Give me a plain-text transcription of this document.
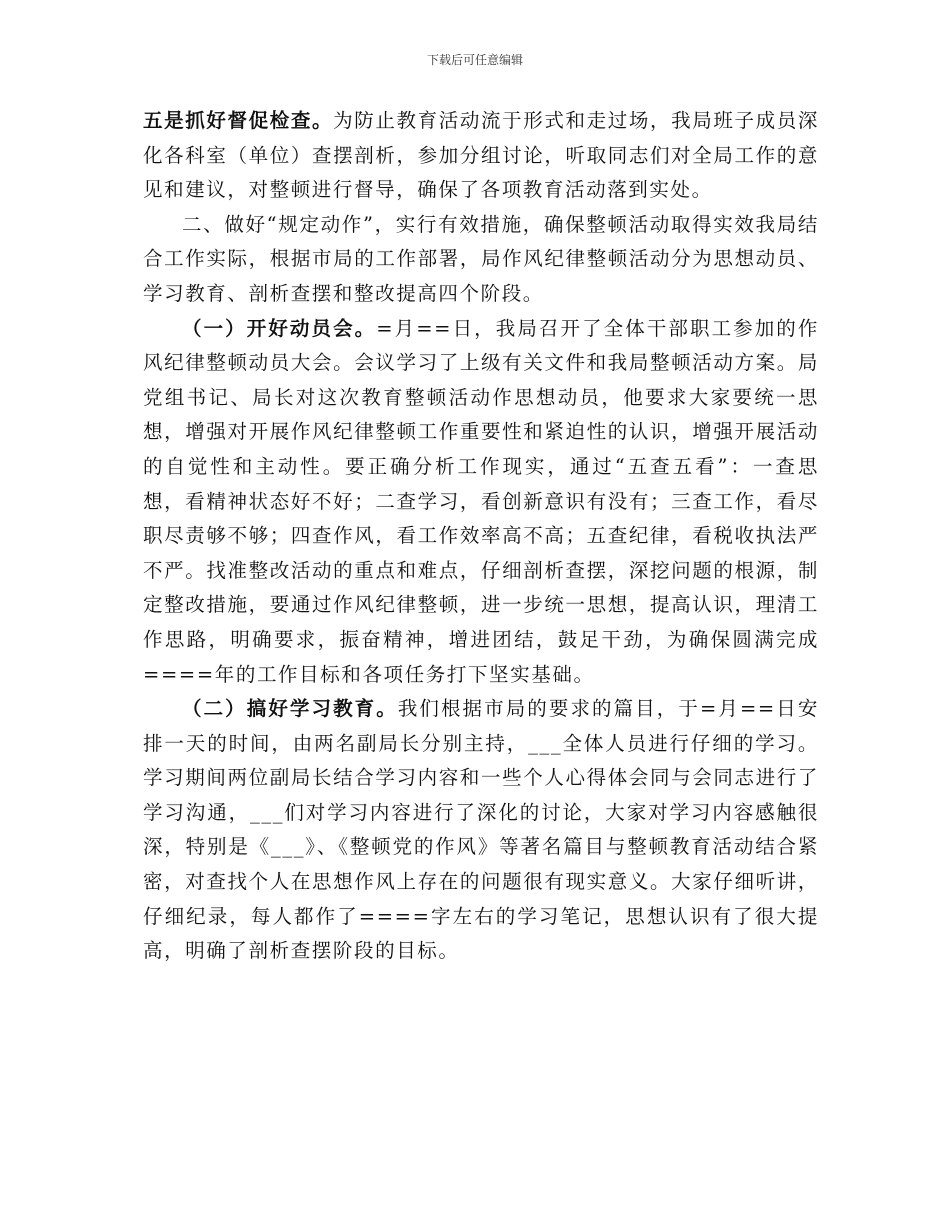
下载后可任意编辑

五是抓好督促检查。为防止教育活动流于形式和走过场，我局班子成员深化各科室（单位）查摆剖析，参加分组讨论，听取同志们对全局工作的意见和建议，对整顿进行督导，确保了各项教育活动落到实处。

二、做好“规定动作”，实行有效措施，确保整顿活动取得实效我局结合工作实际，根据市局的工作部署，局作风纪律整顿活动分为思想动员、学习教育、剖析查摆和整改提高四个阶段。

（一）开好动员会。=月==日，我局召开了全体干部职工参加的作风纪律整顿动员大会。会议学习了上级有关文件和我局整顿活动方案。局党组书记、局长对这次教育整顿活动作思想动员，他要求大家要统一思想，增强对开展作风纪律整顿工作重要性和紧迫性的认识，增强开展活动的自觉性和主动性。要正确分析工作现实，通过“五查五看”：一查思想，看精神状态好不好；二查学习，看创新意识有没有；三查工作，看尽职尽责够不够；四查作风，看工作效率高不高；五查纪律，看税收执法严不严。找准整改活动的重点和难点，仔细剖析查摆，深挖问题的根源，制定整改措施，要通过作风纪律整顿，进一步统一思想，提高认识，理清工作思路，明确要求，振奋精神，增进团结，鼓足干劲，为确保圆满完成====年的工作目标和各项任务打下坚实基础。

（二）搞好学习教育。我们根据市局的要求的篇目，于=月==日安排一天的时间，由两名副局长分别主持，___全体人员进行仔细的学习。学习期间两位副局长结合学习内容和一些个人心得体会同与会同志进行了学习沟通，___们对学习内容进行了深化的讨论，大家对学习内容感触很深，特别是《___》、《整顿党的作风》等著名篇目与整顿教育活动结合紧密，对查找个人在思想作风上存在的问题很有现实意义。大家仔细听讲，仔细纪录，每人都作了====字左右的学习笔记，思想认识有了很大提高，明确了剖析查摆阶段的目标。
